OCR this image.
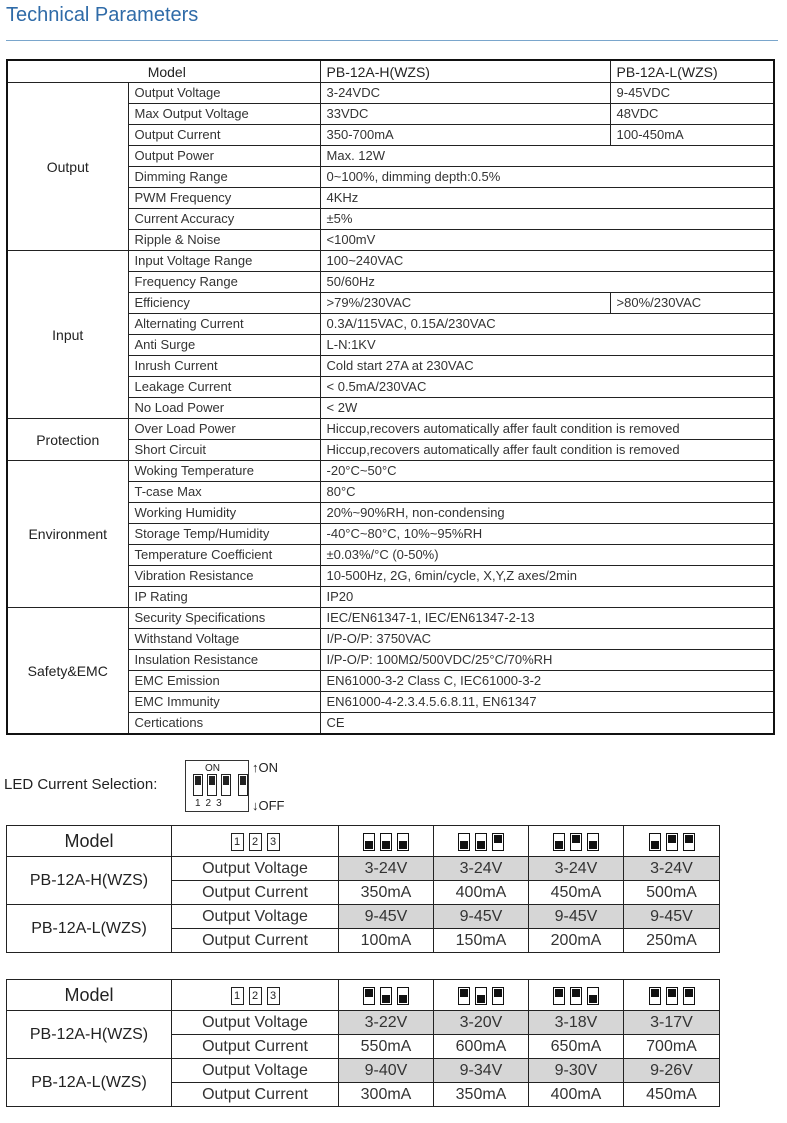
Technical Parameters
Model		PB-12A-H(WZS)	PB-12A-L(WZS)
Output	Output Voltage	3-24VDC	9-45VDC
	Max Output Voltage	33VDC	48VDC
	Output Current	350-700mA	100-450mA
	Output Power	Max. 12W	
	Dimming Range	0~100%, dimming depth:0.5%	
	PWM Frequency	4KHz	
	Current Accuracy	±5%	
	Ripple & Noise	<100mV	
Input	Input Voltage Range	100~240VAC	
	Frequency Range	50/60Hz	
	Efficiency	>79%/230VAC	>80%/230VAC
	Alternating Current	0.3A/115VAC, 0.15A/230VAC	
	Anti Surge	L-N:1KV	
	Inrush Current	Cold start 27A at 230VAC	
	Leakage Current	< 0.5mA/230VAC	
	No Load Power	< 2W	
Protection	Over Load Power	Hiccup,recovers automatically affer fault condition is removed	
	Short Circuit	Hiccup,recovers automatically affer fault condition is removed	
Environment	Woking Temperature	-20°C~50°C	
	T-case Max	80°C	
	Working Humidity	20%~90%RH, non-condensing	
	Storage Temp/Humidity	-40°C~80°C, 10%~95%RH	
	Temperature Coefficient	±0.03%/°C (0-50%)	
	Vibration Resistance	10-500Hz, 2G, 6min/cycle, X,Y,Z axes/2min	
	IP Rating	IP20	
Safety&EMC	Security Specifications	IEC/EN61347-1, IEC/EN61347-2-13	
	Withstand Voltage	I/P-O/P: 3750VAC	
	Insulation Resistance	I/P-O/P: 100MΩ/500VDC/25°C/70%RH	
	EMC Emission	EN61000-3-2 Class C, IEC61000-3-2	
	EMC Immunity	EN61000-4-2.3.4.5.6.8.11, EN61347	
	Certications	CE	
LED Current Selection:
ON
123
↑ON
↓OFF
Model	1 2 3				

PB-12A-H(WZS)	Output Voltage	3-24V	3-24V	3-24V	3-24V
	Output Current	350mA	400mA	450mA	500mA
PB-12A-L(WZS)	Output Voltage	9-45V	9-45V	9-45V	9-45V
	Output Current	100mA	150mA	200mA	250mA
Model	1 2 3				

PB-12A-H(WZS)	Output Voltage	3-22V	3-20V	3-18V	3-17V
	Output Current	550mA	600mA	650mA	700mA
PB-12A-L(WZS)	Output Voltage	9-40V	9-34V	9-30V	9-26V
	Output Current	300mA	350mA	400mA	450mA
